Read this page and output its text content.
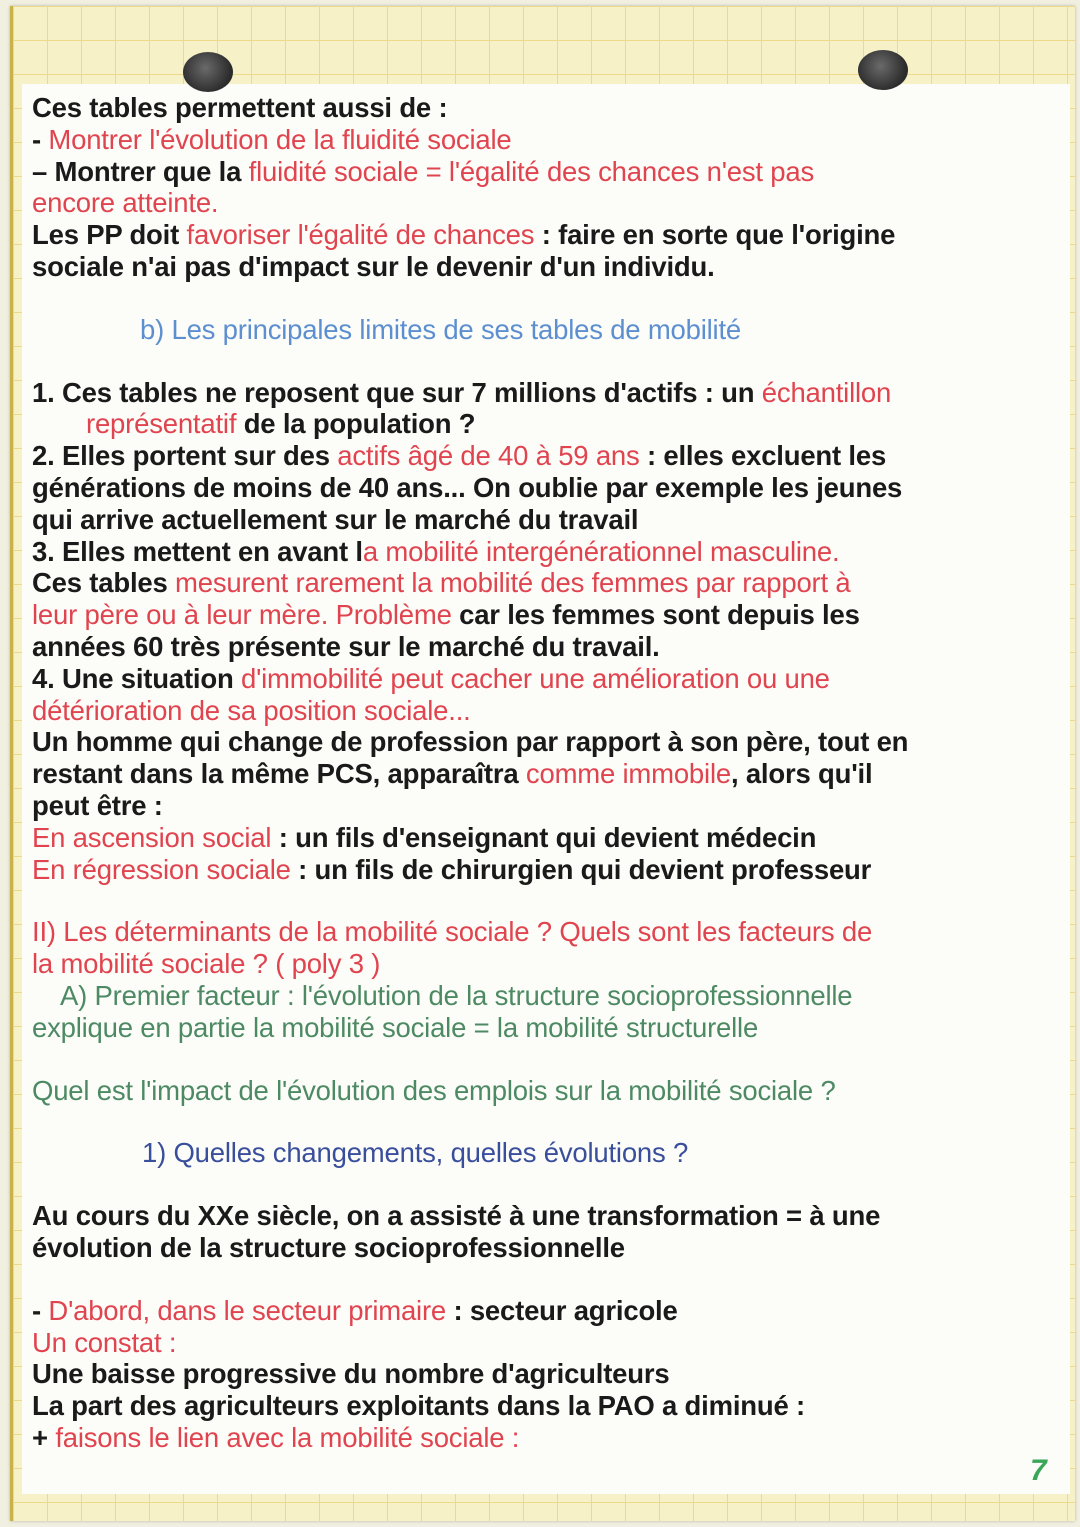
Ces tables permettent aussi de :

- Montrer l'évolution de la fluidité sociale

– Montrer que la fluidité sociale = l'égalité des chances n'est pas

encore atteinte.

Les PP doit favoriser l'égalité de chances : faire en sorte que l'origine

sociale n'ai pas d'impact sur le devenir d'un individu.

b) Les principales limites de ses tables de mobilité

1. Ces tables ne reposent que sur 7 millions d'actifs : un échantillon

représentatif de la population ?

2. Elles portent sur des actifs âgé de 40 à 59 ans : elles excluent les

générations de moins de 40 ans... On oublie par exemple les jeunes

qui arrive actuellement sur le marché du travail

3. Elles mettent en avant la mobilité intergénérationnel masculine.

Ces tables mesurent rarement la mobilité des femmes par rapport à

leur père ou à leur mère. Problème car les femmes sont depuis les

années 60 très présente sur le marché du travail.

4. Une situation d'immobilité peut cacher une amélioration ou une

détérioration de sa position sociale...

Un homme qui change de profession par rapport à son père, tout en

restant dans la même PCS, apparaîtra comme immobile, alors qu'il

peut être :

En ascension social : un fils d'enseignant qui devient médecin

En régression sociale : un fils de chirurgien qui devient professeur

II) Les déterminants de la mobilité sociale ? Quels sont les facteurs de

la mobilité sociale ? ( poly 3 )

A) Premier facteur : l'évolution de la structure socioprofessionnelle

explique en partie la mobilité sociale = la mobilité structurelle

Quel est l'impact de l'évolution des emplois sur la mobilité sociale ?

1) Quelles changements, quelles évolutions ?

Au cours du XXe siècle, on a assisté à une transformation = à une

évolution de la structure socioprofessionnelle

- D'abord, dans le secteur primaire : secteur agricole

Un constat :

Une baisse progressive du nombre d'agriculteurs

La part des agriculteurs exploitants dans la PAO a diminué :

+ faisons le lien avec la mobilité sociale :

7
